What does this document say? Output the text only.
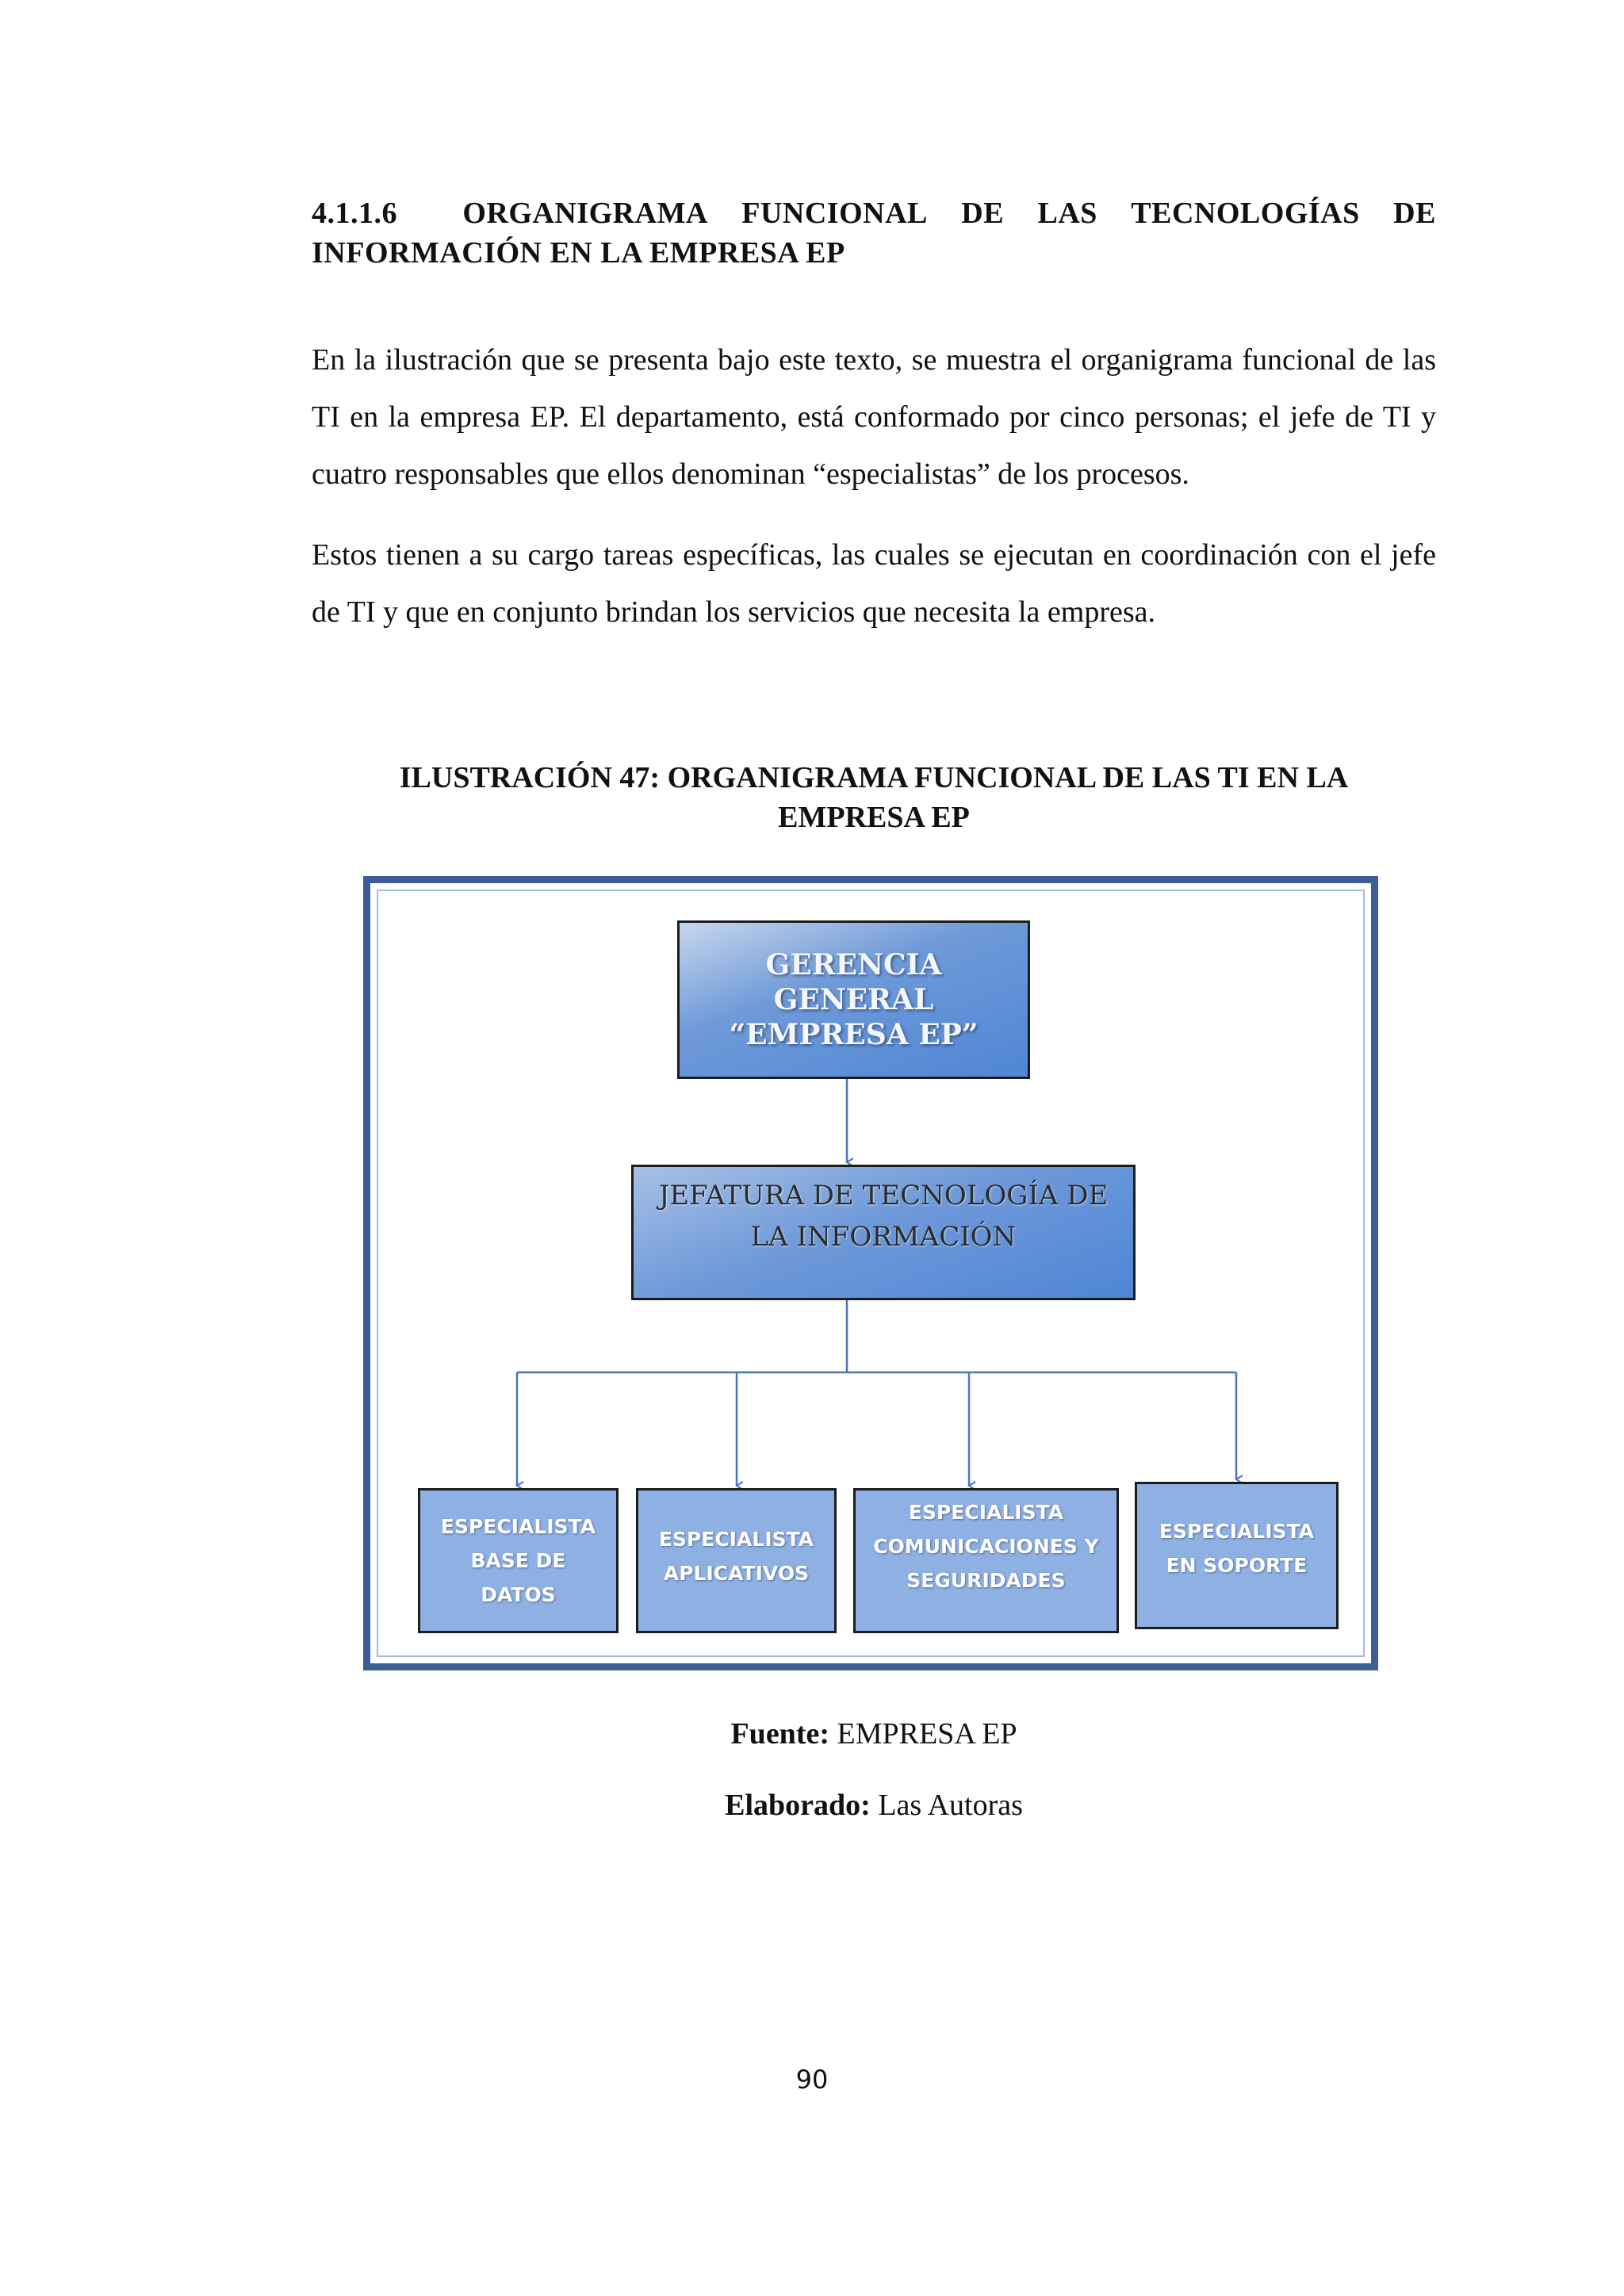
4.1.1.6 ORGANIGRAMA FUNCIONAL DE LAS TECNOLOGÍAS DE
INFORMACIÓN EN LA EMPRESA EP

En la ilustración que se presenta bajo este texto, se muestra el organigrama funcional de las TI en la empresa EP. El departamento, está conformado por cinco personas; el jefe de TI y cuatro responsables que ellos denominan “especialistas” de los procesos.

Estos tienen a su cargo tareas específicas, las cuales se ejecutan en coordinación con el jefe de TI y que en conjunto brindan los servicios que necesita la empresa.

ILUSTRACIÓN 47: ORGANIGRAMA FUNCIONAL DE LAS TI EN LA
EMPRESA EP
GERENCIA
GENERAL
“EMPRESA EP”
JEFATURA DE TECNOLOGÍA DE
LA INFORMACIÓN
ESPECIALISTA
BASE DE
DATOS
ESPECIALISTA
APLICATIVOS
ESPECIALISTA
COMUNICACIONES Y
SEGURIDADES
ESPECIALISTA
EN SOPORTE
Fuente: EMPRESA EP
Elaborado: Las Autoras
90
